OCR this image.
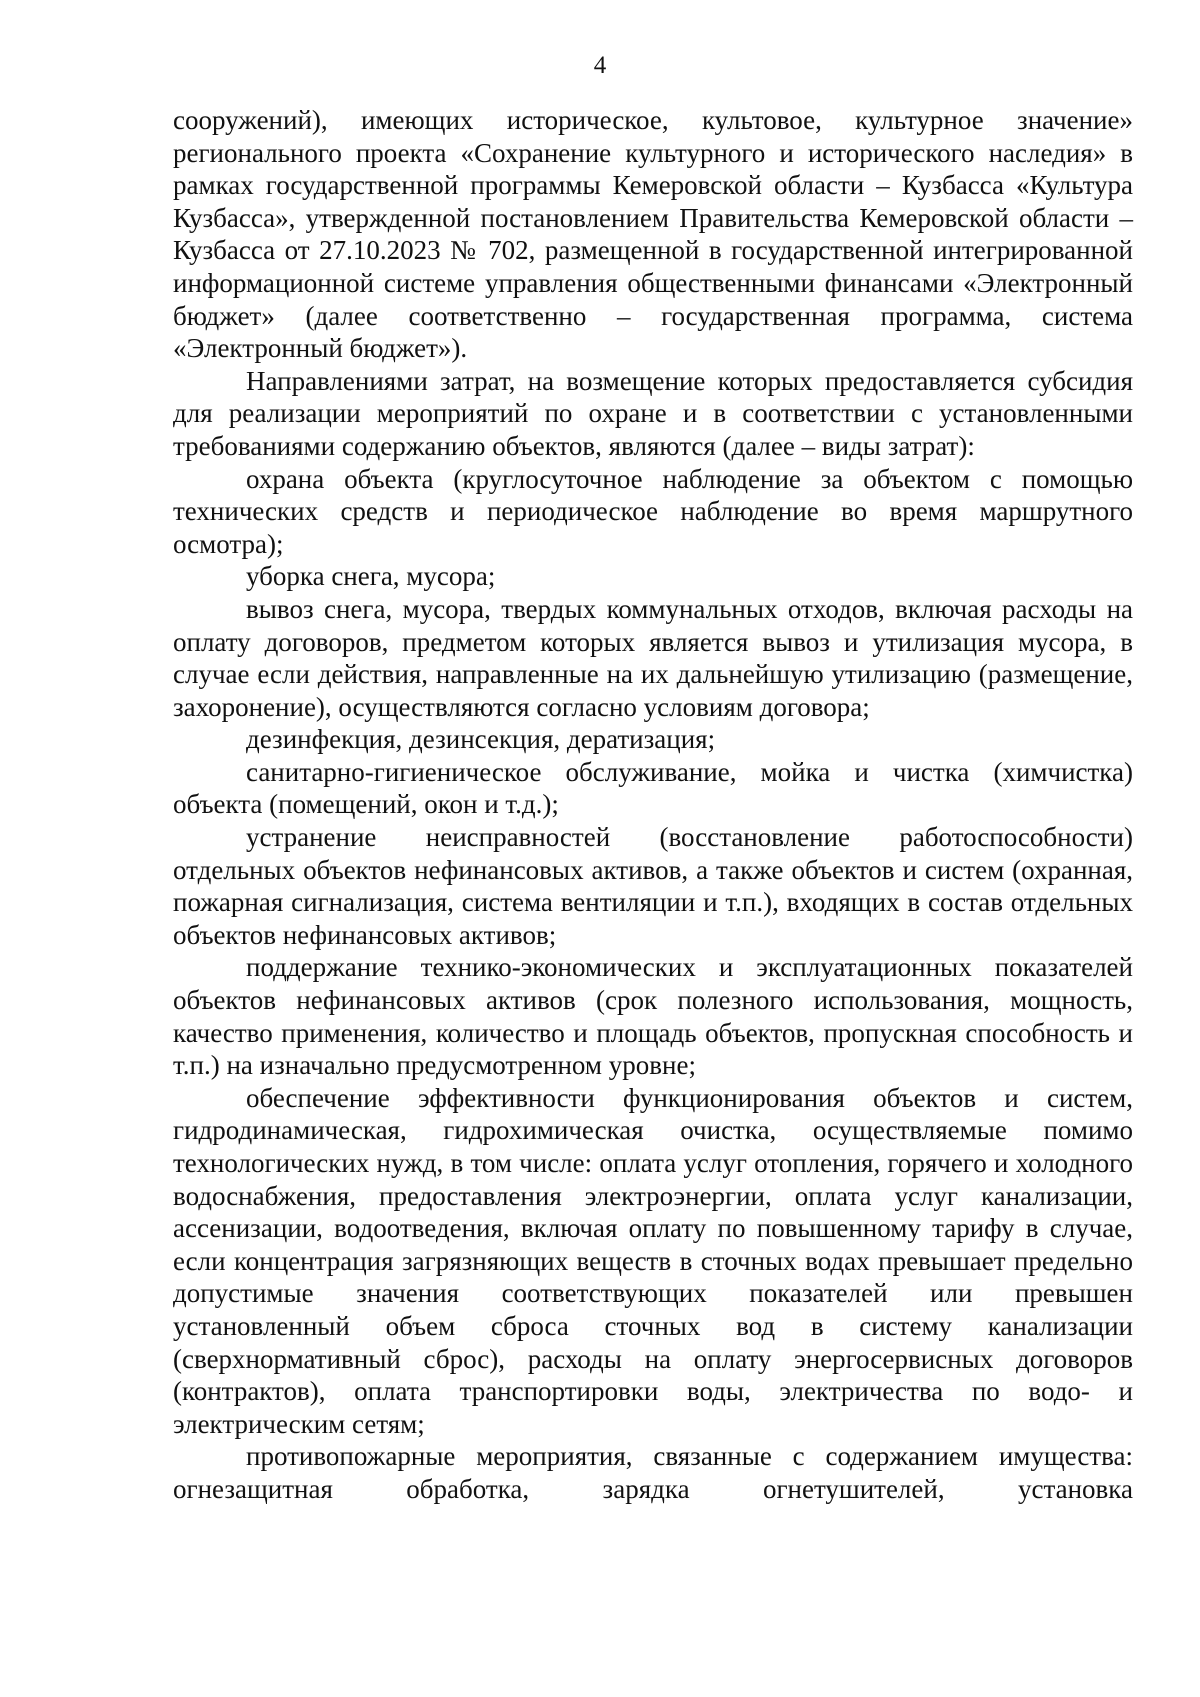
4

сооружений), имеющих историческое, культовое, культурное значение» регионального проекта «Сохранение культурного и исторического наследия» в рамках государственной программы Кемеровской области – Кузбасса «Культура Кузбасса», утвержденной постановлением Правительства Кемеровской области – Кузбасса от 27.10.2023 № 702, размещенной в государственной интегрированной информационной системе управления общественными финансами «Электронный бюджет» (далее соответственно – государственная программа, система «Электронный бюджет»).

Направлениями затрат, на возмещение которых предоставляется субсидия для реализации мероприятий по охране и в соответствии с установленными требованиями содержанию объектов, являются (далее – виды затрат):

охрана объекта (круглосуточное наблюдение за объектом с помощью технических средств и периодическое наблюдение во время маршрутного осмотра);

уборка снега, мусора;

вывоз снега, мусора, твердых коммунальных отходов, включая расходы на оплату договоров, предметом которых является вывоз и утилизация мусора, в случае если действия, направленные на их дальнейшую утилизацию (размещение, захоронение), осуществляются согласно условиям договора;

дезинфекция, дезинсекция, дератизация;

санитарно-гигиеническое обслуживание, мойка и чистка (химчистка) объекта (помещений, окон и т.д.);

устранение неисправностей (восстановление работоспособности) отдельных объектов нефинансовых активов, а также объектов и систем (охранная, пожарная сигнализация, система вентиляции и т.п.), входящих в состав отдельных объектов нефинансовых активов;

поддержание технико-экономических и эксплуатационных показателей объектов нефинансовых активов (срок полезного использования, мощность, качество применения, количество и площадь объектов, пропускная способность и т.п.) на изначально предусмотренном уровне;

обеспечение эффективности функционирования объектов и систем, гидродинамическая, гидрохимическая очистка, осуществляемые помимо технологических нужд, в том числе: оплата услуг отопления, горячего и холодного водоснабжения, предоставления электроэнергии, оплата услуг канализации, ассенизации, водоотведения, включая оплату по повышенному тарифу в случае, если концентрация загрязняющих веществ в сточных водах превышает предельно допустимые значения соответствующих показателей или превышен установленный объем сброса сточных вод в систему канализации (сверхнормативный сброс), расходы на оплату энергосервисных договоров (контрактов), оплата транспортировки воды, электричества по водо- и электрическим сетям;

противопожарные мероприятия, связанные с содержанием имущества: огнезащитная обработка, зарядка огнетушителей, установка
